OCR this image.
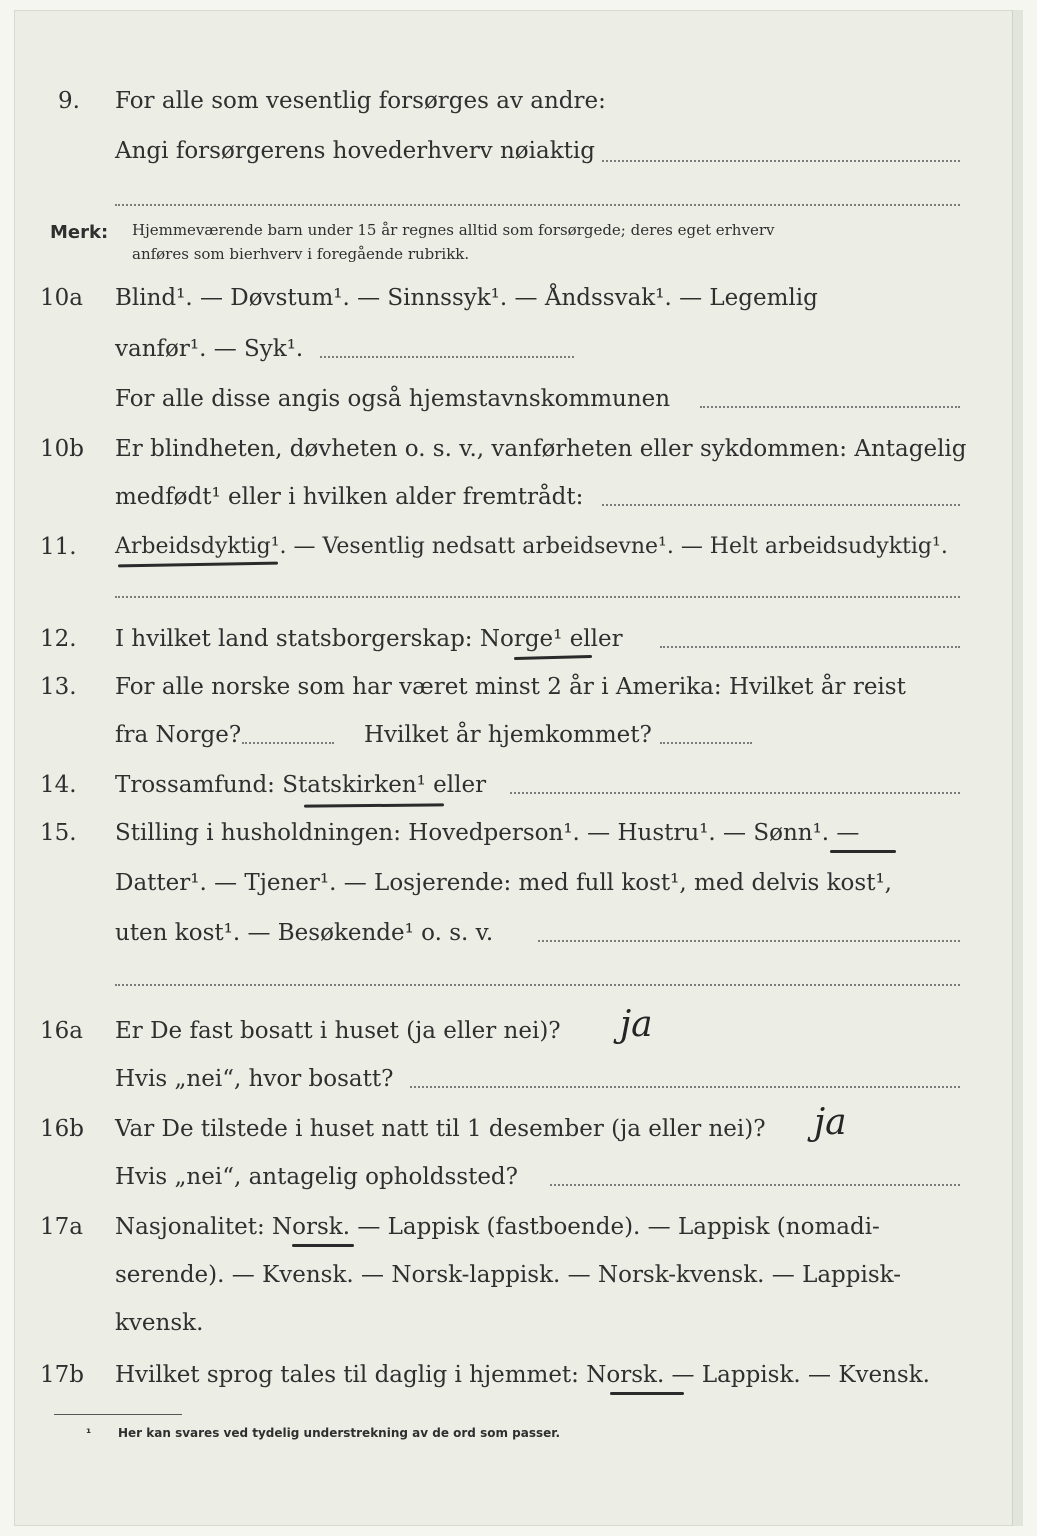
9.	For alle som vesentlig forsørges av andre:
Angi forsørgerens hovederhverv nøiaktig
Merk: Hjemmeværende barn under 15 år regnes alltid som forsørgede; deres eget erhverv
anføres som bierhverv i foregående rubrikk.
10a	Blind¹. — Døvstum¹. — Sinnssyk¹. — Åndssvak¹. — Legemlig
vanfør¹. — Syk¹.
For alle disse angis også hjemstavnskommunen
10b	Er blindheten, døvheten o. s. v., vanførheten eller sykdommen: Antagelig
medfødt¹ eller i hvilken alder fremtrådt:
11.	Arbeidsdyktig¹. — Vesentlig nedsatt arbeidsevne¹. — Helt arbeidsudyktig¹.
12.	I hvilket land statsborgerskap: Norge¹ eller
13.	For alle norske som har været minst 2 år i Amerika: Hvilket år reist
fra Norge?	Hvilket år hjemkommet?
14.	Trossamfund: Statskirken¹ eller
15.	Stilling i husholdningen: Hovedperson¹. — Hustru¹. — Sønn¹. —
Datter¹. — Tjener¹. — Losjerende: med full kost¹, med delvis kost¹,
uten kost¹. — Besøkende¹ o. s. v.
16a	Er De fast bosatt i huset (ja eller nei)? ja
Hvis „nei“, hvor bosatt?
16b	Var De tilstede i huset natt til 1 desember (ja eller nei)? ja
Hvis „nei“, antagelig opholdssted?
17a	Nasjonalitet: Norsk. — Lappisk (fastboende). — Lappisk (nomadi-
serende). — Kvensk. — Norsk-lappisk. — Norsk-kvensk. — Lappisk-
kvensk.
17b	Hvilket sprog tales til daglig i hjemmet: Norsk. — Lappisk. — Kvensk.
¹ Her kan svares ved tydelig understrekning av de ord som passer.
